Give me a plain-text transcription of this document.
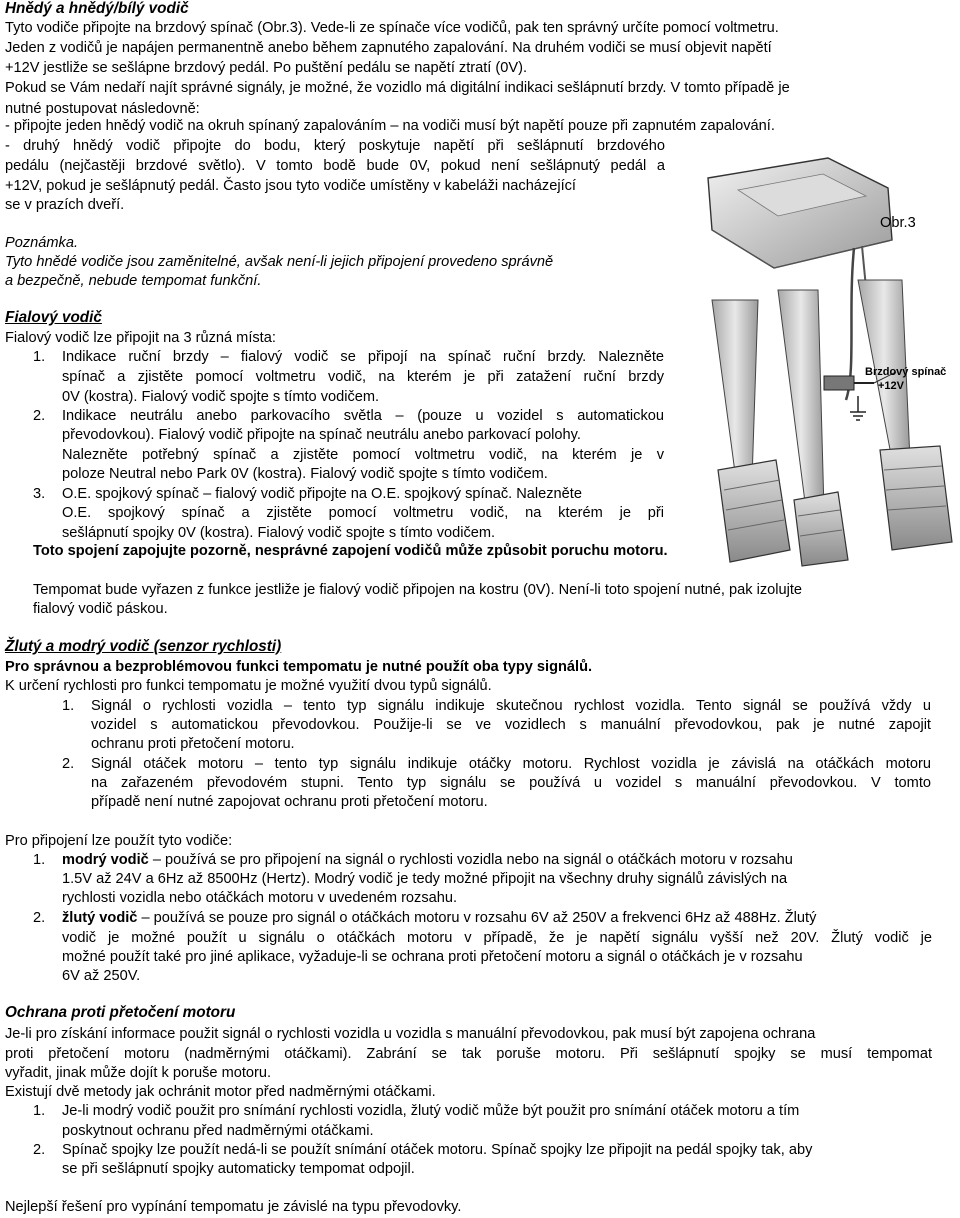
Hnědý a hnědý/bílý vodič
Tyto vodiče připojte na brzdový spínač (Obr.3). Vede-li ze spínače více vodičů, pak ten správný určíte pomocí voltmetru.
Jeden z vodičů je napájen permanentně anebo během zapnutého zapalování. Na druhém vodiči se musí objevit napětí
+12V jestliže se sešlápne brzdový pedál. Po puštění pedálu se napětí ztratí (0V).
Pokud se Vám nedaří najít správné signály, je možné, že vozidlo má digitální indikaci sešlápnutí brzdy. V tomto případě je
nutné postupovat následovně:
- připojte jeden hnědý vodič na okruh spínaný zapalováním – na vodiči musí být napětí pouze při zapnutém zapalování.
- druhý hnědý vodič připojte do bodu, který poskytuje napětí při sešlápnutí brzdového
pedálu (nejčastěji brzdové světlo). V tomto bodě bude 0V, pokud není sešlápnutý pedál a
+12V, pokud je sešlápnutý pedál. Často jsou tyto vodiče umístěny v kabeláži nacházející
se v prazích dveří.
Poznámka.
Tyto hnědé vodiče jsou zaměnitelné, avšak není-li jejich připojení provedeno správně
a bezpečně, nebude tempomat funkční.
Obr.3
Brzdový spínač
+12V
Fialový vodič
Fialový vodič lze připojit na 3 různá místa:
1. Indikace ruční brzdy – fialový vodič se připojí na spínač ruční brzdy. Nalezněte
spínač a zjistěte pomocí voltmetru vodič, na kterém je při zatažení ruční brzdy
0V (kostra). Fialový vodič spojte s tímto vodičem.
2. Indikace neutrálu anebo parkovacího světla – (pouze u vozidel s automatickou
převodovkou). Fialový vodič připojte na spínač neutrálu anebo parkovací polohy.
Nalezněte potřebný spínač a zjistěte pomocí voltmetru vodič, na kterém je v
poloze Neutral nebo Park 0V (kostra). Fialový vodič spojte s tímto vodičem.
3. O.E. spojkový spínač – fialový vodič připojte na O.E. spojkový spínač. Nalezněte
O.E. spojkový spínač a zjistěte pomocí voltmetru vodič, na kterém je při
sešlápnutí spojky 0V (kostra). Fialový vodič spojte s tímto vodičem.
Toto spojení zapojujte pozorně, nesprávné zapojení vodičů může způsobit poruchu motoru.
Tempomat bude vyřazen z funkce jestliže je fialový vodič připojen na kostru (0V). Není-li toto spojení nutné, pak izolujte
fialový vodič páskou.
Žlutý a modrý vodič (senzor rychlosti)
Pro správnou a bezproblémovou funkci tempomatu je nutné použít oba typy signálů.
K určení rychlosti pro funkci tempomatu je možné využití dvou typů signálů.
1. Signál o rychlosti vozidla – tento typ signálu indikuje skutečnou rychlost vozidla. Tento signál se používá vždy u
vozidel s automatickou převodovkou. Použije-li se ve vozidlech s manuální převodovkou, pak je nutné zapojit
ochranu proti přetočení motoru.
2. Signál otáček motoru – tento typ signálu indikuje otáčky motoru. Rychlost vozidla je závislá na otáčkách motoru
na zařazeném převodovém stupni. Tento typ signálu se používá u vozidel s manuální převodovkou. V tomto
případě není nutné zapojovat ochranu proti přetočení motoru.
Pro připojení lze použít tyto vodiče:
1. modrý vodič – používá se pro připojení na signál o rychlosti vozidla nebo na signál o otáčkách motoru v rozsahu
1.5V až 24V a 6Hz až 8500Hz (Hertz). Modrý vodič je tedy možné připojit na všechny druhy signálů závislých na
rychlosti vozidla nebo otáčkách motoru v uvedeném rozsahu.
2. žlutý vodič – používá se pouze pro signál o otáčkách motoru v rozsahu 6V až 250V a frekvenci 6Hz až 488Hz. Žlutý
vodič je možné použít u signálu o otáčkách motoru v případě, že je napětí signálu vyšší než 20V. Žlutý vodič je
možné použít také pro jiné aplikace, vyžaduje-li se ochrana proti přetočení motoru a signál o otáčkách je v rozsahu
6V až 250V.
Ochrana proti přetočení motoru
Je-li pro získání informace použit signál o rychlosti vozidla u vozidla s manuální převodovkou, pak musí být zapojena ochrana
proti přetočení motoru (nadměrnými otáčkami). Zabrání se tak poruše motoru. Při sešlápnutí spojky se musí tempomat
vyřadit, jinak může dojít k poruše motoru.
Existují dvě metody jak ochránit motor před nadměrnými otáčkami.
1. Je-li modrý vodič použit pro snímání rychlosti vozidla, žlutý vodič může být použit pro snímání otáček motoru a tím
poskytnout ochranu před nadměrnými otáčkami.
2. Spínač spojky lze použít nedá-li se použít snímání otáček motoru. Spínač spojky lze připojit na pedál spojky tak, aby
se při sešlápnutí spojky automaticky tempomat odpojil.
Nejlepší řešení pro vypínání tempomatu je závislé na typu převodovky.
